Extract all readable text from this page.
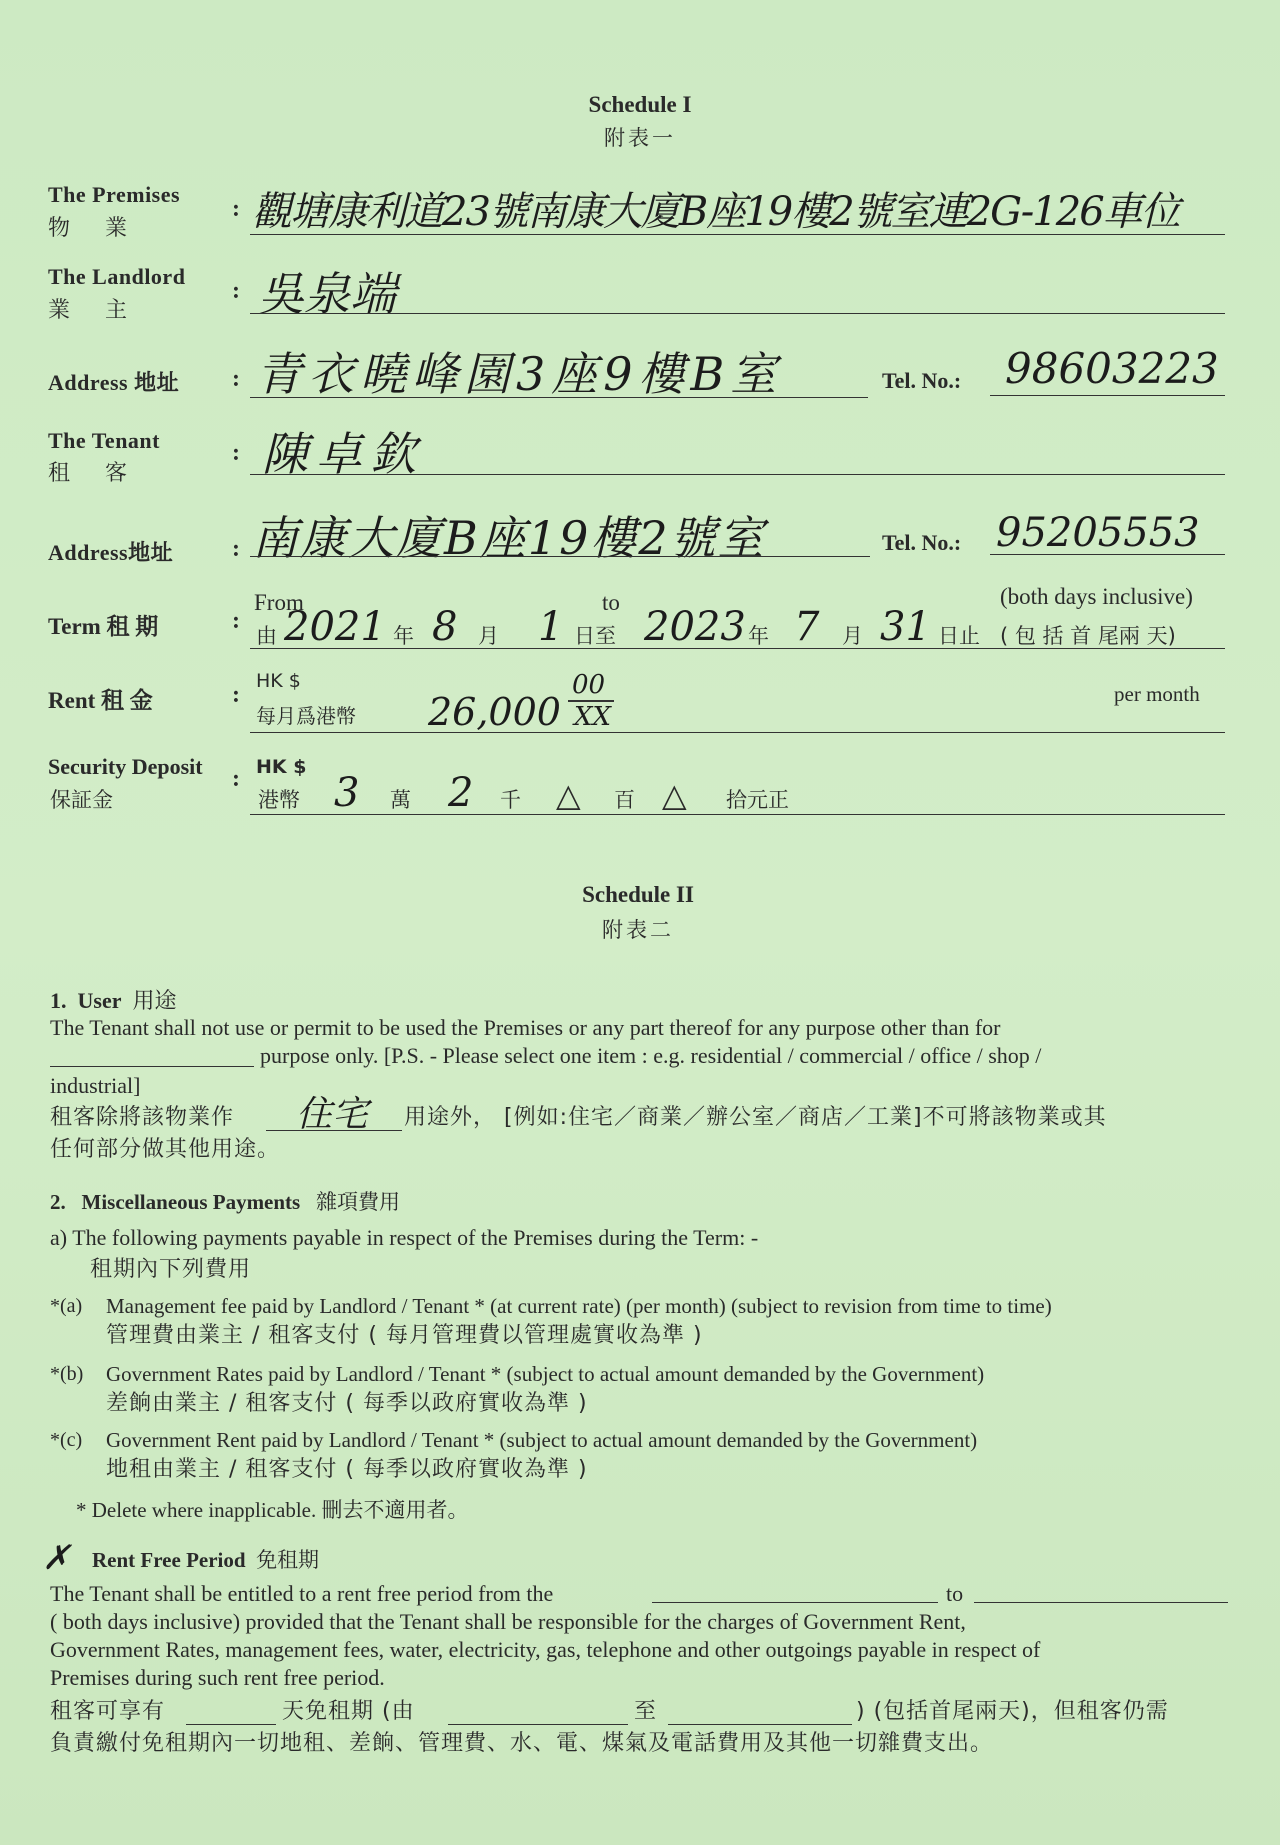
Schedule I
附表一
The Premises
物 業
: 觀塘康利道23號南康大廈B座19樓2號室連2G-126車位
The Landlord
業 主
: 吳泉端
Address 地址 : 青衣曉峰園3座9樓B室	Tel. No.: 98603223
The Tenant
租 客
: 陳卓欽
Address地址 : 南康大廈B座19樓2號室	Tel. No.: 95205553
Term 租 期	:
From	to	(both days inclusive)
由 2021 年 8 月 1 日至 2023 年 7 月 31 日止 ( 包 括 首 尾兩 天)
Rent 租 金	:
HK $
每月爲港幣 26,000
00
XX
per month
Security Deposit
保証金
: HK $
港幣 3 萬 2 千 △ 百 △ 拾元正
Schedule II
附表二
1. User 用途
The Tenant shall not use or permit to be used the Premises or any part thereof for any purpose other than for
purpose only. [P.S. - Please select one item : e.g. residential / commercial / office / shop /
industrial]
租客除將該物業作 住宅 用途外， [例如:住宅／商業／辦公室／商店／工業]不可將該物業或其
任何部分做其他用途。
2. Miscellaneous Payments 雜項費用
a) The following payments payable in respect of the Premises during the Term: -
租期內下列費用
*(a) Management fee paid by Landlord / Tenant * (at current rate) (per month) (subject to revision from time to time)
管理費由業主 / 租客支付 ( 每月管理費以管理處實收為準 )
*(b) Government Rates paid by Landlord / Tenant * (subject to actual amount demanded by the Government)
差餉由業主 / 租客支付 ( 每季以政府實收為準 )
*(c) Government Rent paid by Landlord / Tenant * (subject to actual amount demanded by the Government)
地租由業主 / 租客支付 ( 每季以政府實收為準 )
* Delete where inapplicable. 刪去不適用者。
✗ Rent Free Period 免租期
The Tenant shall be entitled to a rent free period from the	to
( both days inclusive) provided that the Tenant shall be responsible for the charges of Government Rent,
Government Rates, management fees, water, electricity, gas, telephone and other outgoings payable in respect of
Premises during such rent free period.
租客可享有	天免租期 (由	至	) (包括首尾兩天)，但租客仍需
負責繳付免租期內一切地租、差餉、管理費、水、電、煤氣及電話費用及其他一切雜費支出。
